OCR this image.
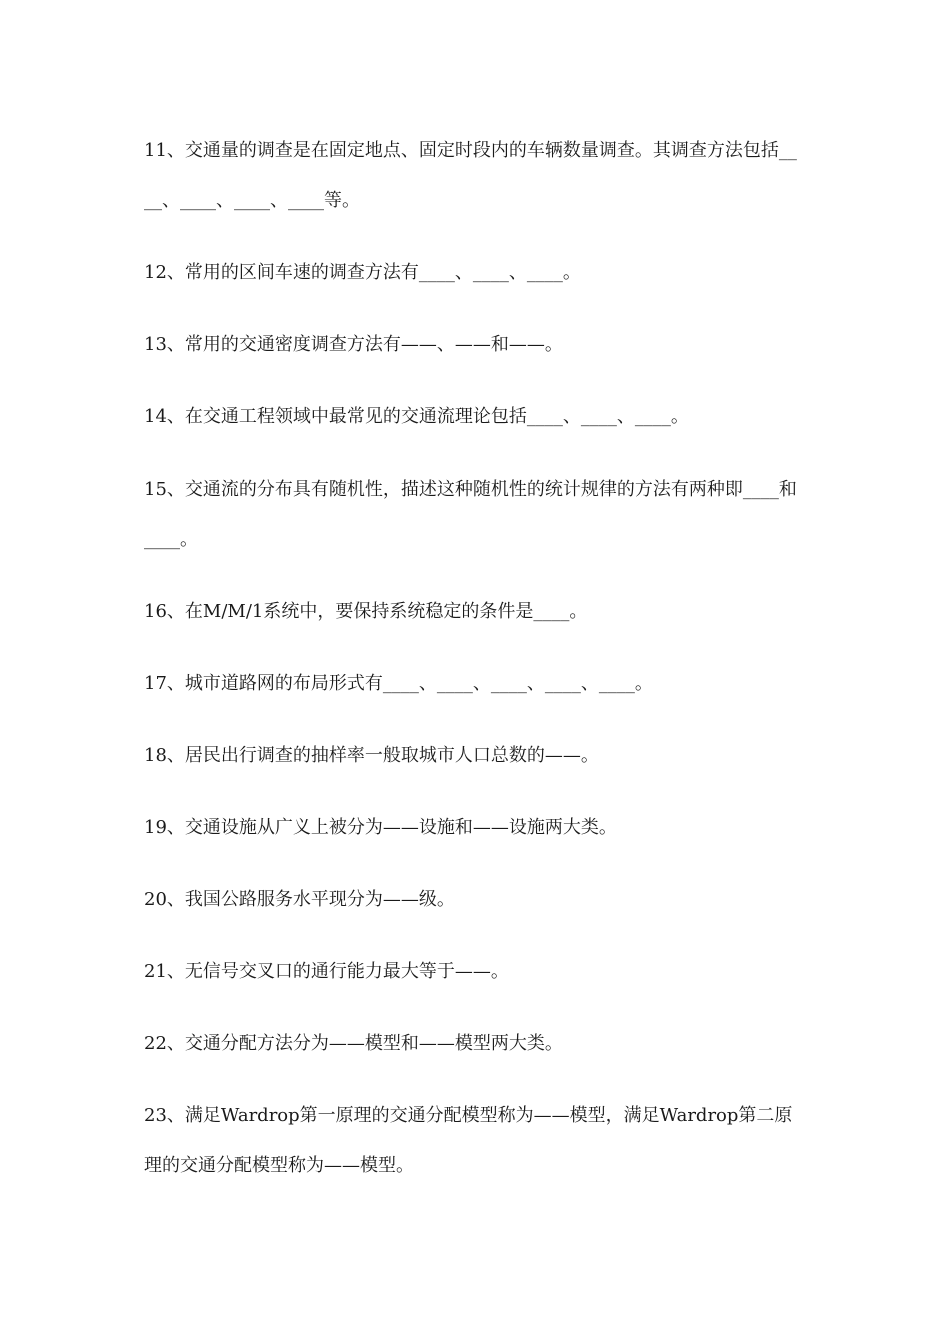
11、交通量的调查是在固定地点、固定时段内的车辆数量调查。其调查方法包括____、____、____、____等。
12、常用的区间车速的调查方法有____、____、____。
13、常用的交通密度调查方法有——、——和——。
14、在交通工程领域中最常见的交通流理论包括____、____、____。
15、交通流的分布具有随机性，描述这种随机性的统计规律的方法有两种即____和____。
16、在M/M/1系统中，要保持系统稳定的条件是____。
17、城市道路网的布局形式有____、____、____、____、____。
18、居民出行调查的抽样率一般取城市人口总数的——。
19、交通设施从广义上被分为——设施和——设施两大类。
20、我国公路服务水平现分为——级。
21、无信号交叉口的通行能力最大等于——。
22、交通分配方法分为——模型和——模型两大类。
23、满足Wardrop第一原理的交通分配模型称为——模型，满足Wardrop第二原理的交通分配模型称为——模型。
